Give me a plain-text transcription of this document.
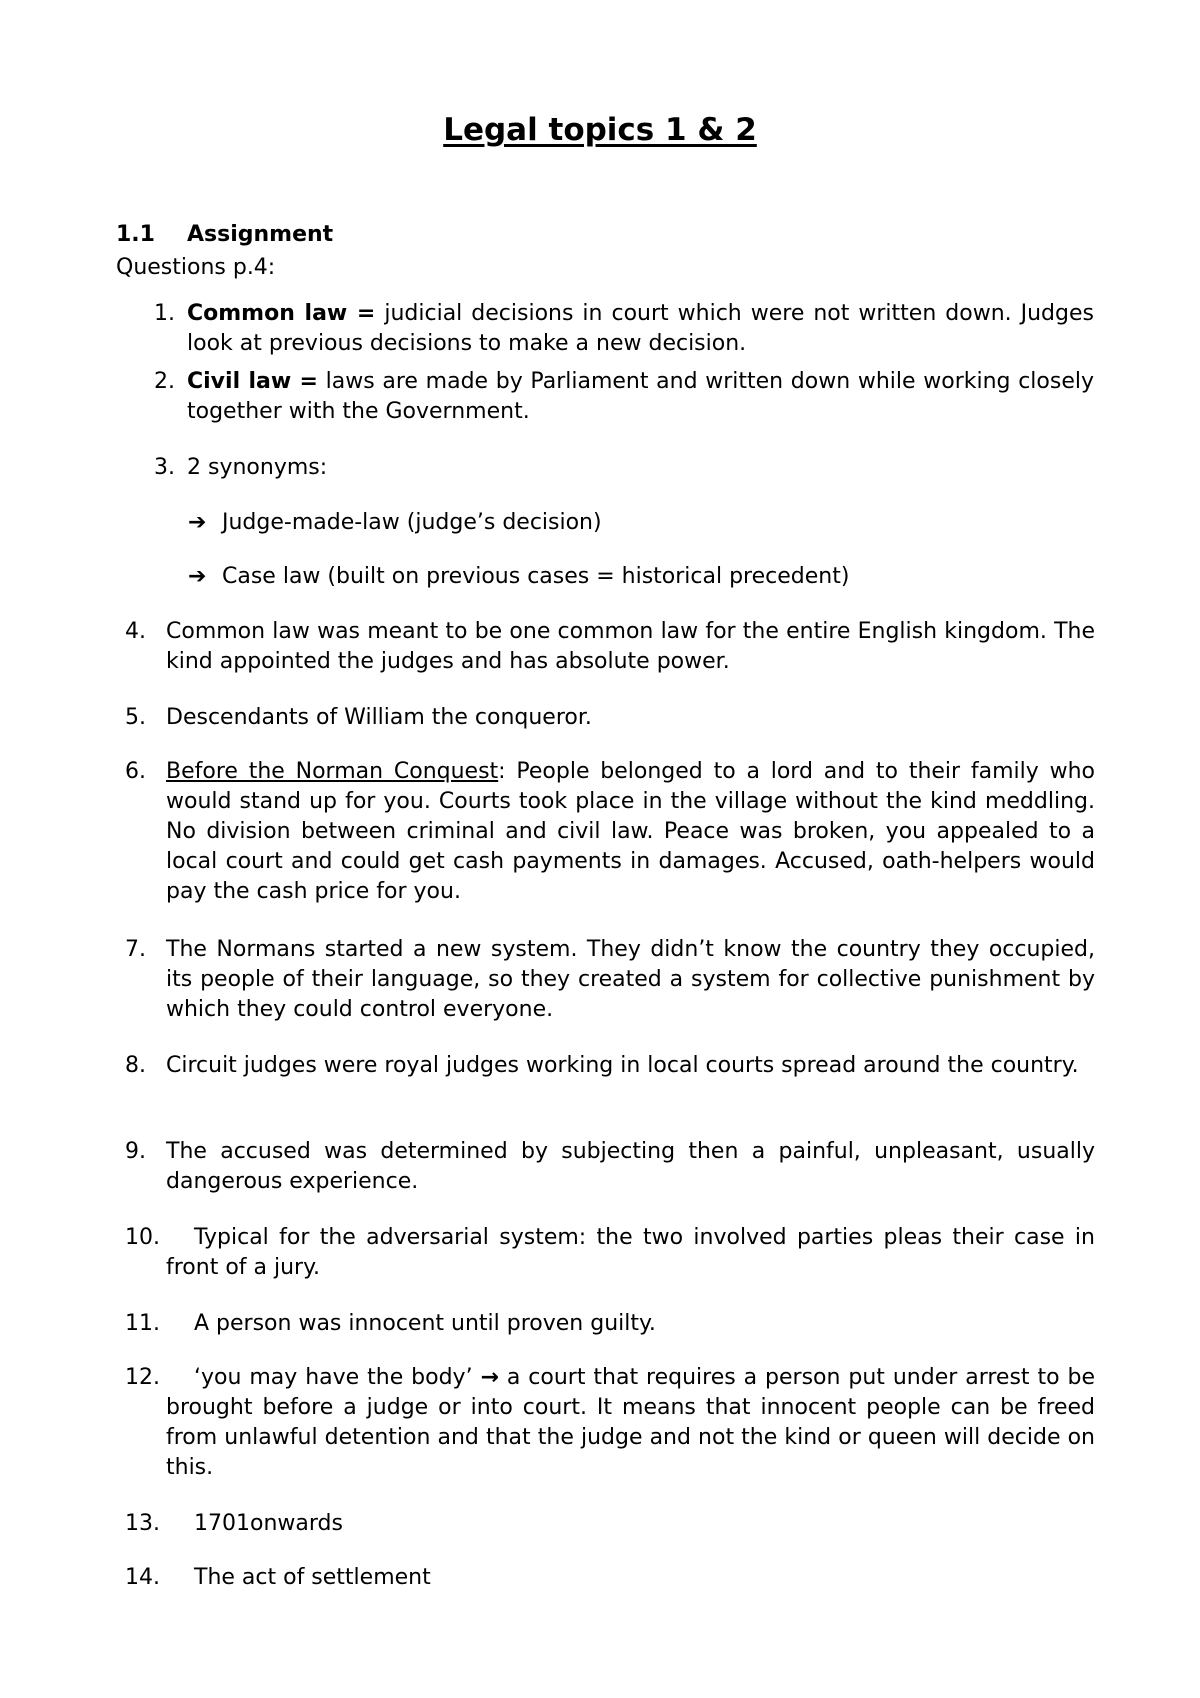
Legal topics 1 & 2
1.1 Assignment
Questions p.4:
1. Common law = judicial decisions in court which were not written down. Judges look at previous decisions to make a new decision.
2. Civil law = laws are made by Parliament and written down while working closely together with the Government.
3. 2 synonyms:
➔ Judge-made-law (judge’s decision)
➔ Case law (built on previous cases = historical precedent)
4. Common law was meant to be one common law for the entire English kingdom. The kind appointed the judges and has absolute power.
5. Descendants of William the conqueror.
6. Before the Norman Conquest: People belonged to a lord and to their family who would stand up for you. Courts took place in the village without the kind meddling. No division between criminal and civil law. Peace was broken, you appealed to a local court and could get cash payments in damages. Accused, oath-helpers would pay the cash price for you.
7. The Normans started a new system. They didn’t know the country they occupied, its people of their language, so they created a system for collective punishment by which they could control everyone.
8. Circuit judges were royal judges working in local courts spread around the country.
9. The accused was determined by subjecting then a painful, unpleasant, usually dangerous experience.
10.	Typical for the adversarial system: the two involved parties pleas their case in front of a jury.
11.	A person was innocent until proven guilty.
12.	‘you may have the body’ → a court that requires a person put under arrest to be brought before a judge or into court. It means that innocent people can be freed from unlawful detention and that the judge and not the kind or queen will decide on this.
13.	1701onwards
14.	The act of settlement
